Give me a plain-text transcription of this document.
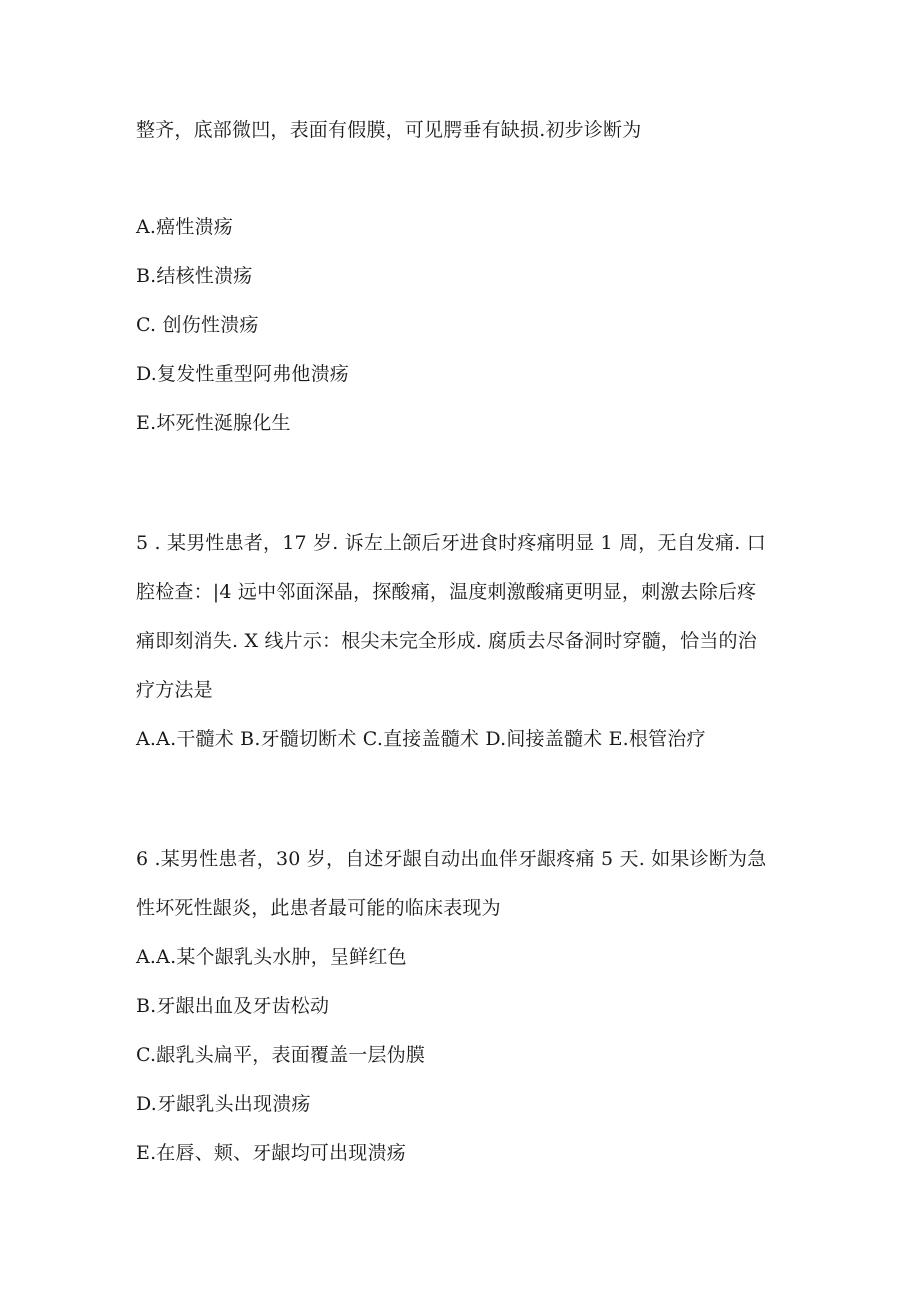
整齐，底部微凹，表面有假膜，可见腭垂有缺损.初步诊断为
A.癌性溃疡
B.结核性溃疡
C. 创伤性溃疡
D.复发性重型阿弗他溃疡
E.坏死性涎腺化生
5 . 某男性患者，17 岁. 诉左上颌后牙进食时疼痛明显 1 周，无自发痛. 口
腔检查：|4 远中邻面深晶，探酸痛，温度刺激酸痛更明显，刺激去除后疼
痛即刻消失. X 线片示：根尖未完全形成. 腐质去尽备洞时穿髓，恰当的治
疗方法是
A.A.干髓术 B.牙髓切断术 C.直接盖髓术 D.间接盖髓术 E.根管治疗
6 .某男性患者，30 岁，自述牙龈自动出血伴牙龈疼痛 5 天. 如果诊断为急
性坏死性龈炎，此患者最可能的临床表现为
A.A.某个龈乳头水肿，呈鲜红色
B.牙龈出血及牙齿松动
C.龈乳头扁平，表面覆盖一层伪膜
D.牙龈乳头出现溃疡
E.在唇、颊、牙龈均可出现溃疡
